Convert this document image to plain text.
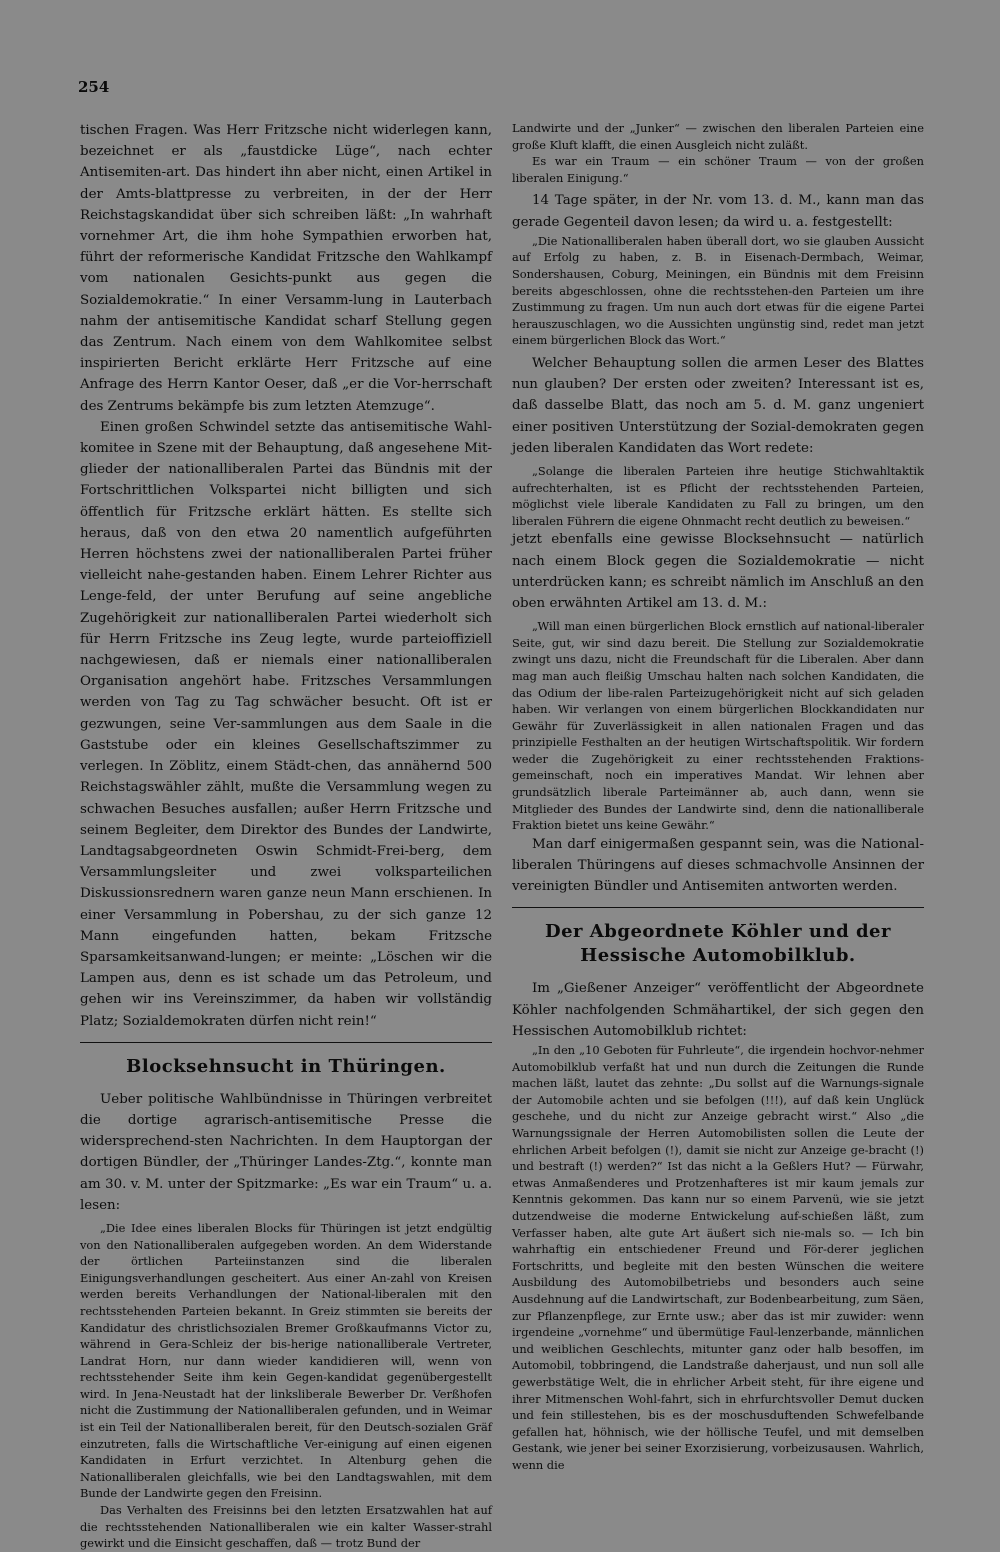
254

tischen Fragen. Was Herr Fritzsche nicht widerlegen kann, bezeichnet er als „faustdicke Lüge“, nach echter Antisemiten-art. Das hindert ihn aber nicht, einen Artikel in der Amts-blattpresse zu verbreiten, in der der Herr Reichstagskandidat über sich schreiben läßt: „In wahrhaft vornehmer Art, die ihm hohe Sympathien erworben hat, führt der reformerische Kandidat Fritzsche den Wahlkampf vom nationalen Gesichts-punkt aus gegen die Sozialdemokratie.“ In einer Versamm-lung in Lauterbach nahm der antisemitische Kandidat scharf Stellung gegen das Zentrum. Nach einem von dem Wahlkomitee selbst inspirierten Bericht erklärte Herr Fritzsche auf eine Anfrage des Herrn Kantor Oeser, daß „er die Vor-herrschaft des Zentrums bekämpfe bis zum letzten Atemzuge“.

Einen großen Schwindel setzte das antisemitische Wahl-komitee in Szene mit der Behauptung, daß angesehene Mit-glieder der nationalliberalen Partei das Bündnis mit der Fortschrittlichen Volkspartei nicht billigten und sich öffentlich für Fritzsche erklärt hätten. Es stellte sich heraus, daß von den etwa 20 namentlich aufgeführten Herren höchstens zwei der nationalliberalen Partei früher vielleicht nahe-gestanden haben. Einem Lehrer Richter aus Lenge-feld, der unter Berufung auf seine angebliche Zugehörigkeit zur nationalliberalen Partei wiederholt sich für Herrn Fritzsche ins Zeug legte, wurde parteioffiziell nachgewiesen, daß er niemals einer nationalliberalen Organisation angehört habe. Fritzsches Versammlungen werden von Tag zu Tag schwächer besucht. Oft ist er gezwungen, seine Ver-sammlungen aus dem Saale in die Gaststube oder ein kleines Gesellschaftszimmer zu verlegen. In Zöblitz, einem Städt-chen, das annähernd 500 Reichstagswähler zählt, mußte die Versammlung wegen zu schwachen Besuches ausfallen; außer Herrn Fritzsche und seinem Begleiter, dem Direktor des Bundes der Landwirte, Landtagsabgeordneten Oswin Schmidt-Frei-berg, dem Versammlungsleiter und zwei volksparteilichen Diskussionsrednern waren ganze neun Mann erschienen. In einer Versammlung in Pobershau, zu der sich ganze 12 Mann eingefunden hatten, bekam Fritzsche Sparsamkeitsanwand-lungen; er meinte: „Löschen wir die Lampen aus, denn es ist schade um das Petroleum, und gehen wir ins Vereinszimmer, da haben wir vollständig Platz; Sozialdemokraten dürfen nicht rein!“

Blocksehnsucht in Thüringen.

Ueber politische Wahlbündnisse in Thüringen verbreitet die dortige agrarisch-antisemitische Presse die widersprechend-sten Nachrichten. In dem Hauptorgan der dortigen Bündler, der „Thüringer Landes-Ztg.“, konnte man am 30. v. M. unter der Spitzmarke: „Es war ein Traum“ u. a. lesen:

„Die Idee eines liberalen Blocks für Thüringen ist jetzt endgültig von den Nationalliberalen aufgegeben worden. An dem Widerstande der örtlichen Parteiinstanzen sind die liberalen Einigungsverhandlungen gescheitert. Aus einer An-zahl von Kreisen werden bereits Verhandlungen der National-liberalen mit den rechtsstehenden Parteien bekannt. In Greiz stimmten sie bereits der Kandidatur des christlichsozialen Bremer Großkaufmanns Victor zu, während in Gera-Schleiz der bis-herige nationalliberale Vertreter, Landrat Horn, nur dann wieder kandidieren will, wenn von rechtsstehender Seite ihm kein Gegen-kandidat gegenübergestellt wird. In Jena-Neustadt hat der linksliberale Bewerber Dr. Verßhofen nicht die Zustimmung der Nationalliberalen gefunden, und in Weimar ist ein Teil der Nationalliberalen bereit, für den Deutsch-sozialen Gräf einzutreten, falls die Wirtschaftliche Ver-einigung auf einen eigenen Kandidaten in Erfurt verzichtet. In Altenburg gehen die Nationalliberalen gleichfalls, wie bei den Landtagswahlen, mit dem Bunde der Landwirte gegen den Freisinn.

Das Verhalten des Freisinns bei den letzten Ersatzwahlen hat auf die rechtsstehenden Nationalliberalen wie ein kalter Wasser-strahl gewirkt und die Einsicht geschaffen, daß — trotz Bund der

Landwirte und der „Junker“ — zwischen den liberalen Parteien eine große Kluft klafft, die einen Ausgleich nicht zuläßt.

Es war ein Traum — ein schöner Traum — von der großen liberalen Einigung.“

14 Tage später, in der Nr. vom 13. d. M., kann man das gerade Gegenteil davon lesen; da wird u. a. festgestellt:

„Die Nationalliberalen haben überall dort, wo sie glauben Aussicht auf Erfolg zu haben, z. B. in Eisenach-Dermbach, Weimar, Sondershausen, Coburg, Meiningen, ein Bündnis mit dem Freisinn bereits abgeschlossen, ohne die rechtsstehen-den Parteien um ihre Zustimmung zu fragen. Um nun auch dort etwas für die eigene Partei herauszuschlagen, wo die Aussichten ungünstig sind, redet man jetzt einem bürgerlichen Block das Wort.“

Welcher Behauptung sollen die armen Leser des Blattes nun glauben? Der ersten oder zweiten? Interessant ist es, daß dasselbe Blatt, das noch am 5. d. M. ganz ungeniert einer positiven Unterstützung der Sozial-demokraten gegen jeden liberalen Kandidaten das Wort redete:

„Solange die liberalen Parteien ihre heutige Stichwahltaktik aufrechterhalten, ist es Pflicht der rechtsstehenden Parteien, möglichst viele liberale Kandidaten zu Fall zu bringen, um den liberalen Führern die eigene Ohnmacht recht deutlich zu beweisen.“

jetzt ebenfalls eine gewisse Blocksehnsucht — natürlich nach einem Block gegen die Sozialdemokratie — nicht unterdrücken kann; es schreibt nämlich im Anschluß an den oben erwähnten Artikel am 13. d. M.:

„Will man einen bürgerlichen Block ernstlich auf national-liberaler Seite, gut, wir sind dazu bereit. Die Stellung zur Sozialdemokratie zwingt uns dazu, nicht die Freundschaft für die Liberalen. Aber dann mag man auch fleißig Umschau halten nach solchen Kandidaten, die das Odium der libe-ralen Parteizugehörigkeit nicht auf sich geladen haben. Wir verlangen von einem bürgerlichen Blockkandidaten nur Gewähr für Zuverlässigkeit in allen nationalen Fragen und das prinzipielle Festhalten an der heutigen Wirtschaftspolitik. Wir fordern weder die Zugehörigkeit zu einer rechtsstehenden Fraktions-gemeinschaft, noch ein imperatives Mandat. Wir lehnen aber grundsätzlich liberale Parteimänner ab, auch dann, wenn sie Mitglieder des Bundes der Landwirte sind, denn die nationalliberale Fraktion bietet uns keine Gewähr.“

Man darf einigermaßen gespannt sein, was die National-liberalen Thüringens auf dieses schmachvolle Ansinnen der vereinigten Bündler und Antisemiten antworten werden.

Der Abgeordnete Köhler und der Hessische Automobilklub.

Im „Gießener Anzeiger“ veröffentlicht der Abgeordnete Köhler nachfolgenden Schmähartikel, der sich gegen den Hessischen Automobilklub richtet:

„In den „10 Geboten für Fuhrleute“, die irgendein hochvor-nehmer Automobilklub verfaßt hat und nun durch die Zeitungen die Runde machen läßt, lautet das zehnte: „Du sollst auf die Warnungs-signale der Automobile achten und sie befolgen (!!!), auf daß kein Unglück geschehe, und du nicht zur Anzeige gebracht wirst.“ Also „die Warnungssignale der Herren Automobilisten sollen die Leute der ehrlichen Arbeit befolgen (!), damit sie nicht zur Anzeige ge-bracht (!) und bestraft (!) werden?“ Ist das nicht a la Geßlers Hut? — Fürwahr, etwas Anmaßenderes und Protzenhafteres ist mir kaum jemals zur Kenntnis gekommen. Das kann nur so einem Parvenü, wie sie jetzt dutzendweise die moderne Entwickelung auf-schießen läßt, zum Verfasser haben, alte gute Art äußert sich nie-mals so. — Ich bin wahrhaftig ein entschiedener Freund und För-derer jeglichen Fortschritts, und begleite mit den besten Wünschen die weitere Ausbildung des Automobilbetriebs und besonders auch seine Ausdehnung auf die Landwirtschaft, zur Bodenbearbeitung, zum Säen, zur Pflanzenpflege, zur Ernte usw.; aber das ist mir zuwider: wenn irgendeine „vornehme“ und übermütige Faul-lenzerbande, männlichen und weiblichen Geschlechts, mitunter ganz oder halb besoffen, im Automobil, tobbringend, die Landstraße daherjaust, und nun soll alle gewerbstätige Welt, die in ehrlicher Arbeit steht, für ihre eigene und ihrer Mitmenschen Wohl-fahrt, sich in ehrfurchtsvoller Demut ducken und fein stillestehen, bis es der moschusduftenden Schwefelbande gefallen hat, höhnisch, wie der höllische Teufel, und mit demselben Gestank, wie jener bei seiner Exorzisierung, vorbeizusausen. Wahrlich, wenn die
